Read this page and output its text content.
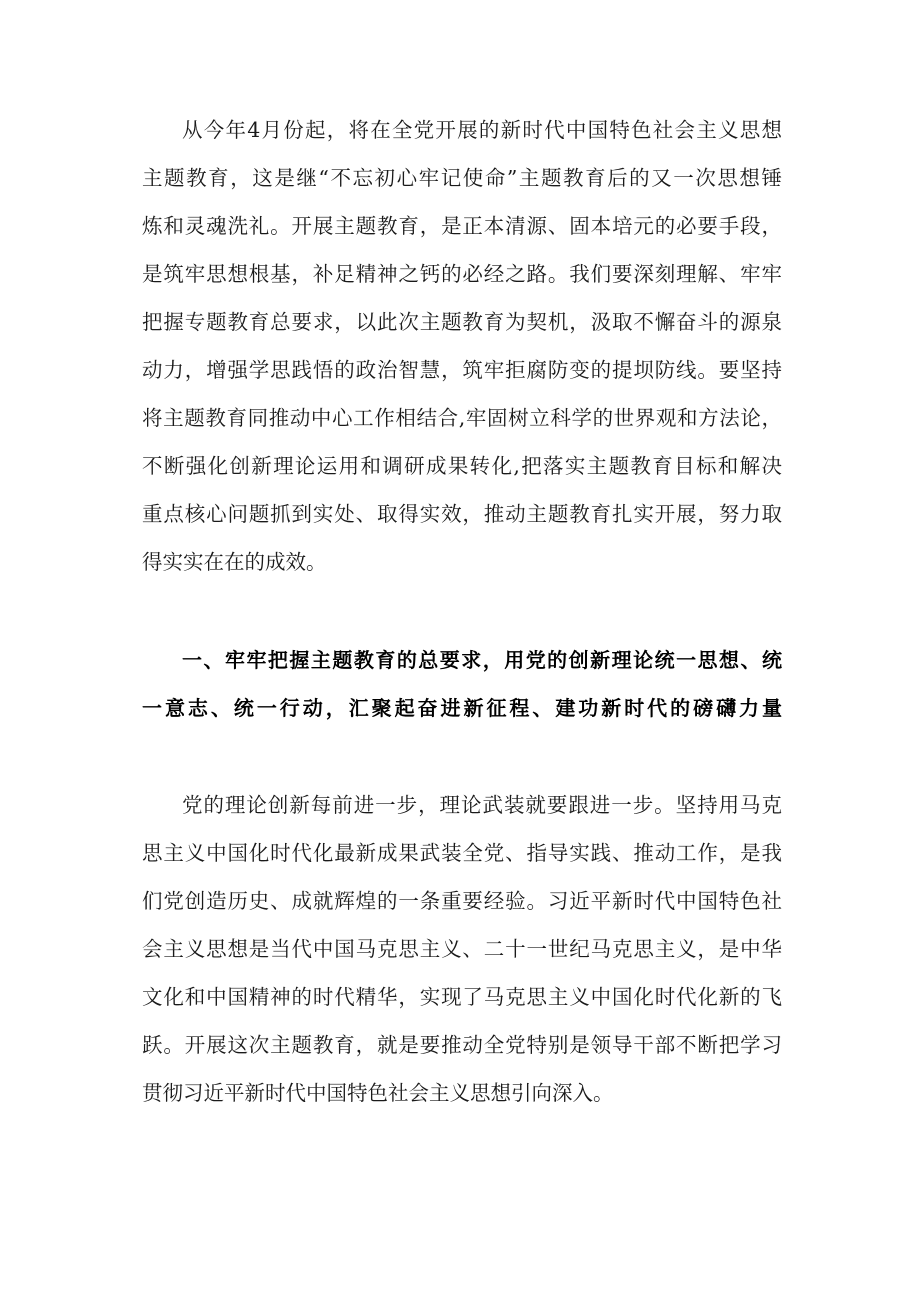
从今年4月份起，将在全党开展的新时代中国特色社会主义思想
主题教育，这是继“不忘初心牢记使命”主题教育后的又一次思想锤
炼和灵魂洗礼。开展主题教育，是正本清源、固本培元的必要手段，
是筑牢思想根基，补足精神之钙的必经之路。我们要深刻理解、牢牢
把握专题教育总要求，以此次主题教育为契机，汲取不懈奋斗的源泉
动力，增强学思践悟的政治智慧，筑牢拒腐防变的提坝防线。要坚持
将主题教育同推动中心工作相结合,牢固树立科学的世界观和方法论，
不断强化创新理论运用和调研成果转化,把落实主题教育目标和解决
重点核心问题抓到实处、取得实效，推动主题教育扎实开展，努力取
得实实在在的成效。
一、牢牢把握主题教育的总要求，用党的创新理论统一思想、统
一意志、统一行动，汇聚起奋进新征程、建功新时代的磅礴力量
党的理论创新每前进一步，理论武装就要跟进一步。坚持用马克
思主义中国化时代化最新成果武装全党、指导实践、推动工作，是我
们党创造历史、成就辉煌的一条重要经验。习近平新时代中国特色社
会主义思想是当代中国马克思主义、二十一世纪马克思主义，是中华
文化和中国精神的时代精华，实现了马克思主义中国化时代化新的飞
跃。开展这次主题教育，就是要推动全党特别是领导干部不断把学习
贯彻习近平新时代中国特色社会主义思想引向深入。
